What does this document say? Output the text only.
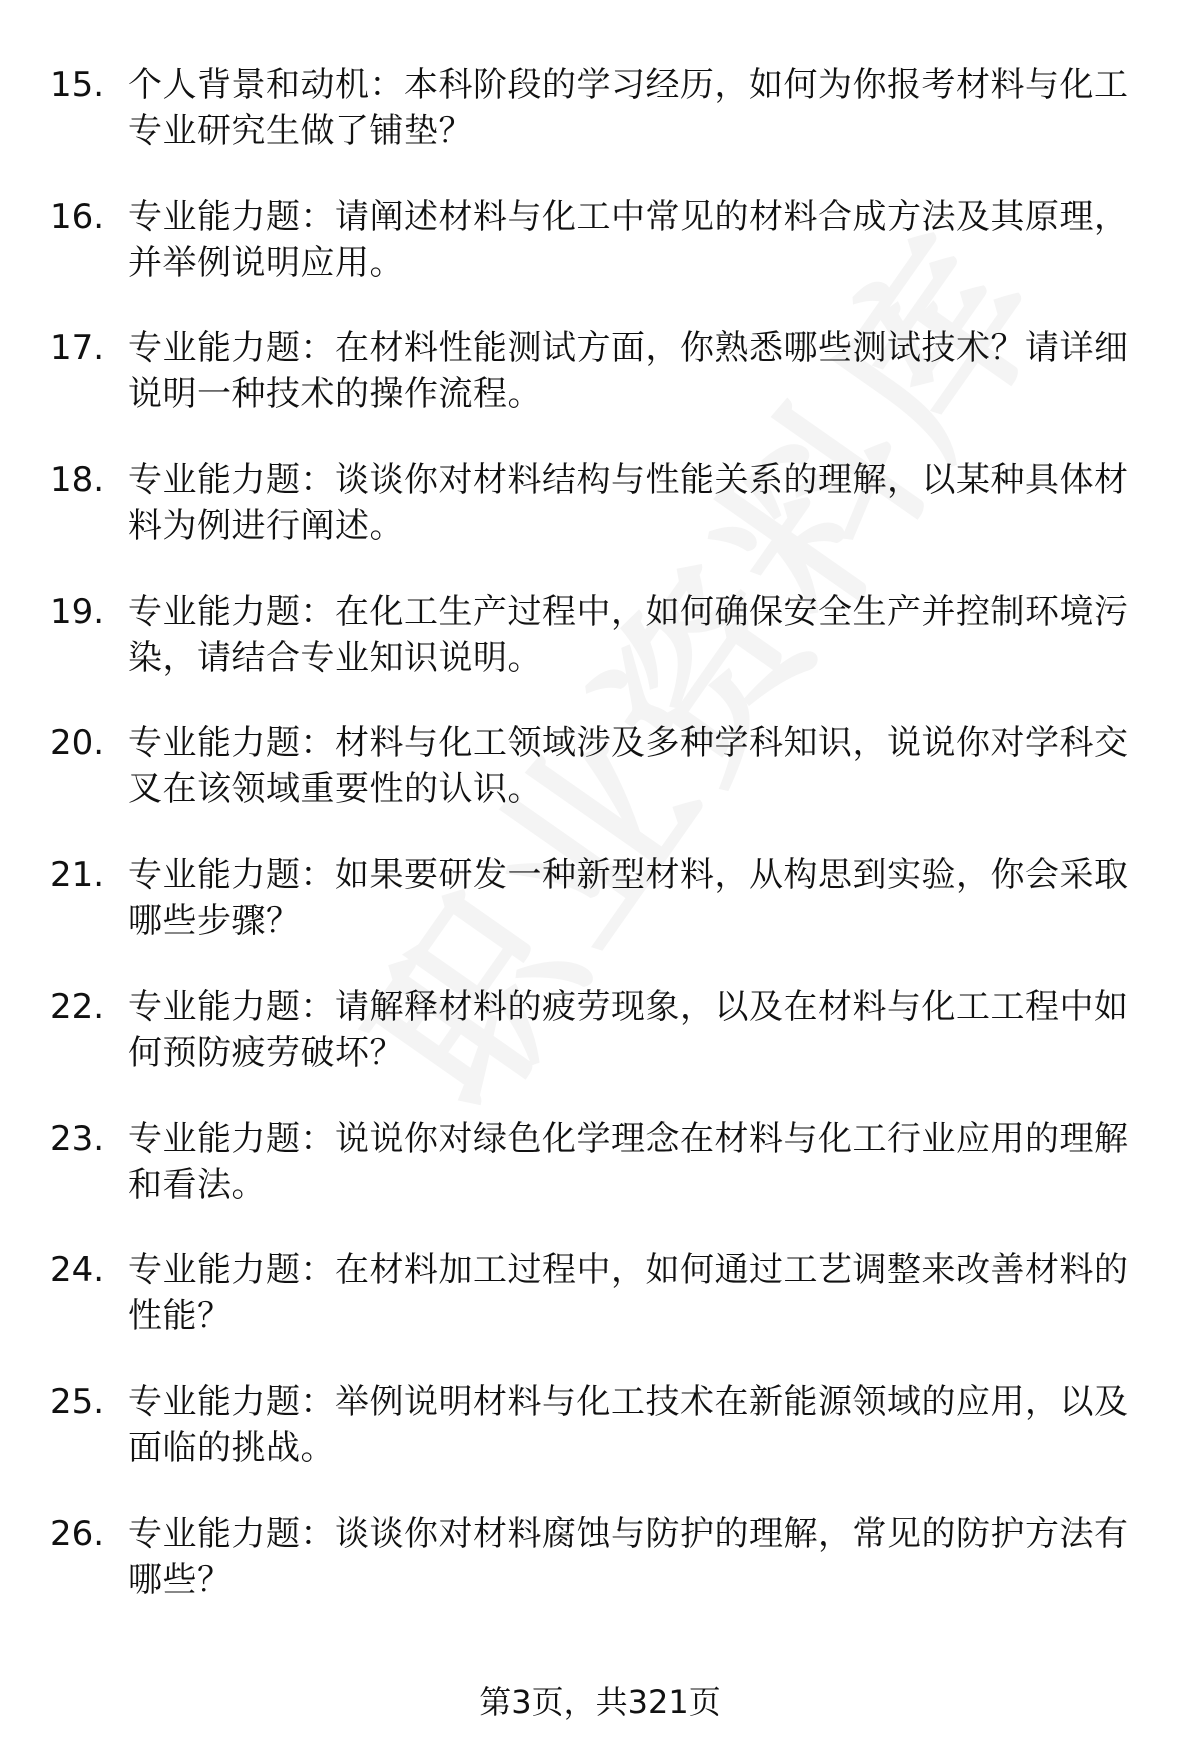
15. 个人背景和动机：本科阶段的学习经历，如何为你报考材料与化工专业研究生做了铺垫？
16. 专业能力题：请阐述材料与化工中常见的材料合成方法及其原理，并举例说明应用。
17. 专业能力题：在材料性能测试方面，你熟悉哪些测试技术？请详细说明一种技术的操作流程。
18. 专业能力题：谈谈你对材料结构与性能关系的理解，以某种具体材料为例进行阐述。
19. 专业能力题：在化工生产过程中，如何确保安全生产并控制环境污染，请结合专业知识说明。
20. 专业能力题：材料与化工领域涉及多种学科知识，说说你对学科交叉在该领域重要性的认识。
21. 专业能力题：如果要研发一种新型材料，从构思到实验，你会采取哪些步骤？
22. 专业能力题：请解释材料的疲劳现象，以及在材料与化工工程中如何预防疲劳破坏？
23. 专业能力题：说说你对绿色化学理念在材料与化工行业应用的理解和看法。
24. 专业能力题：在材料加工过程中，如何通过工艺调整来改善材料的性能？
25. 专业能力题：举例说明材料与化工技术在新能源领域的应用，以及面临的挑战。
26. 专业能力题：谈谈你对材料腐蚀与防护的理解，常见的防护方法有哪些？
第3页，共321页
